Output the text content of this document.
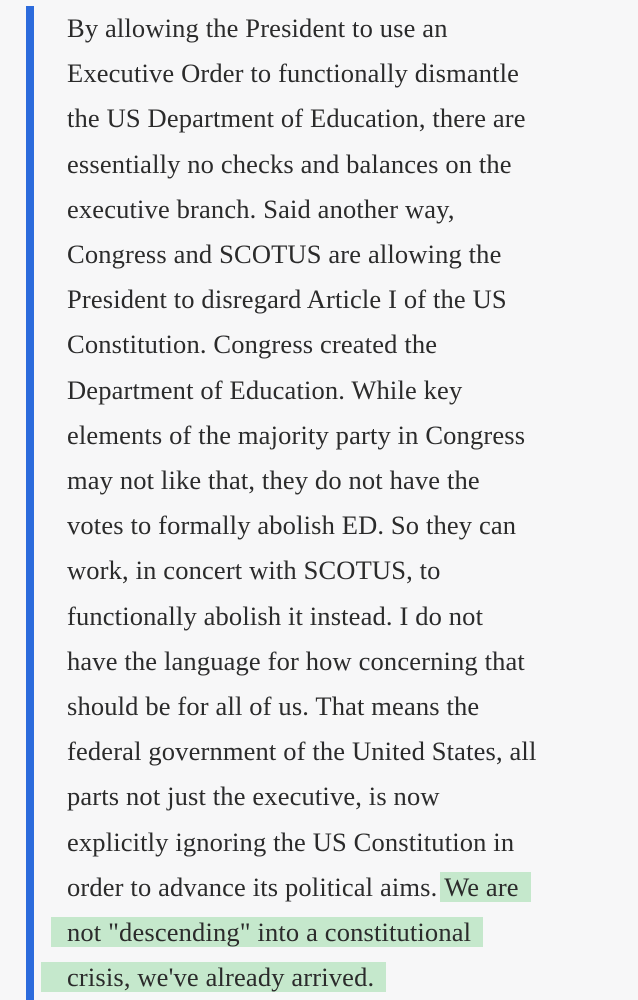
By allowing the President to use an
Executive Order to functionally dismantle
the US Department of Education, there are
essentially no checks and balances on the
executive branch. Said another way,
Congress and SCOTUS are allowing the
President to disregard Article I of the US
Constitution. Congress created the
Department of Education. While key
elements of the majority party in Congress
may not like that, they do not have the
votes to formally abolish ED. So they can
work, in concert with SCOTUS, to
functionally abolish it instead. I do not
have the language for how concerning that
should be for all of us. That means the
federal government of the United States, all
parts not just the executive, is now
explicitly ignoring the US Constitution in
order to advance its political aims. We are
not "descending" into a constitutional
crisis, we've already arrived.
